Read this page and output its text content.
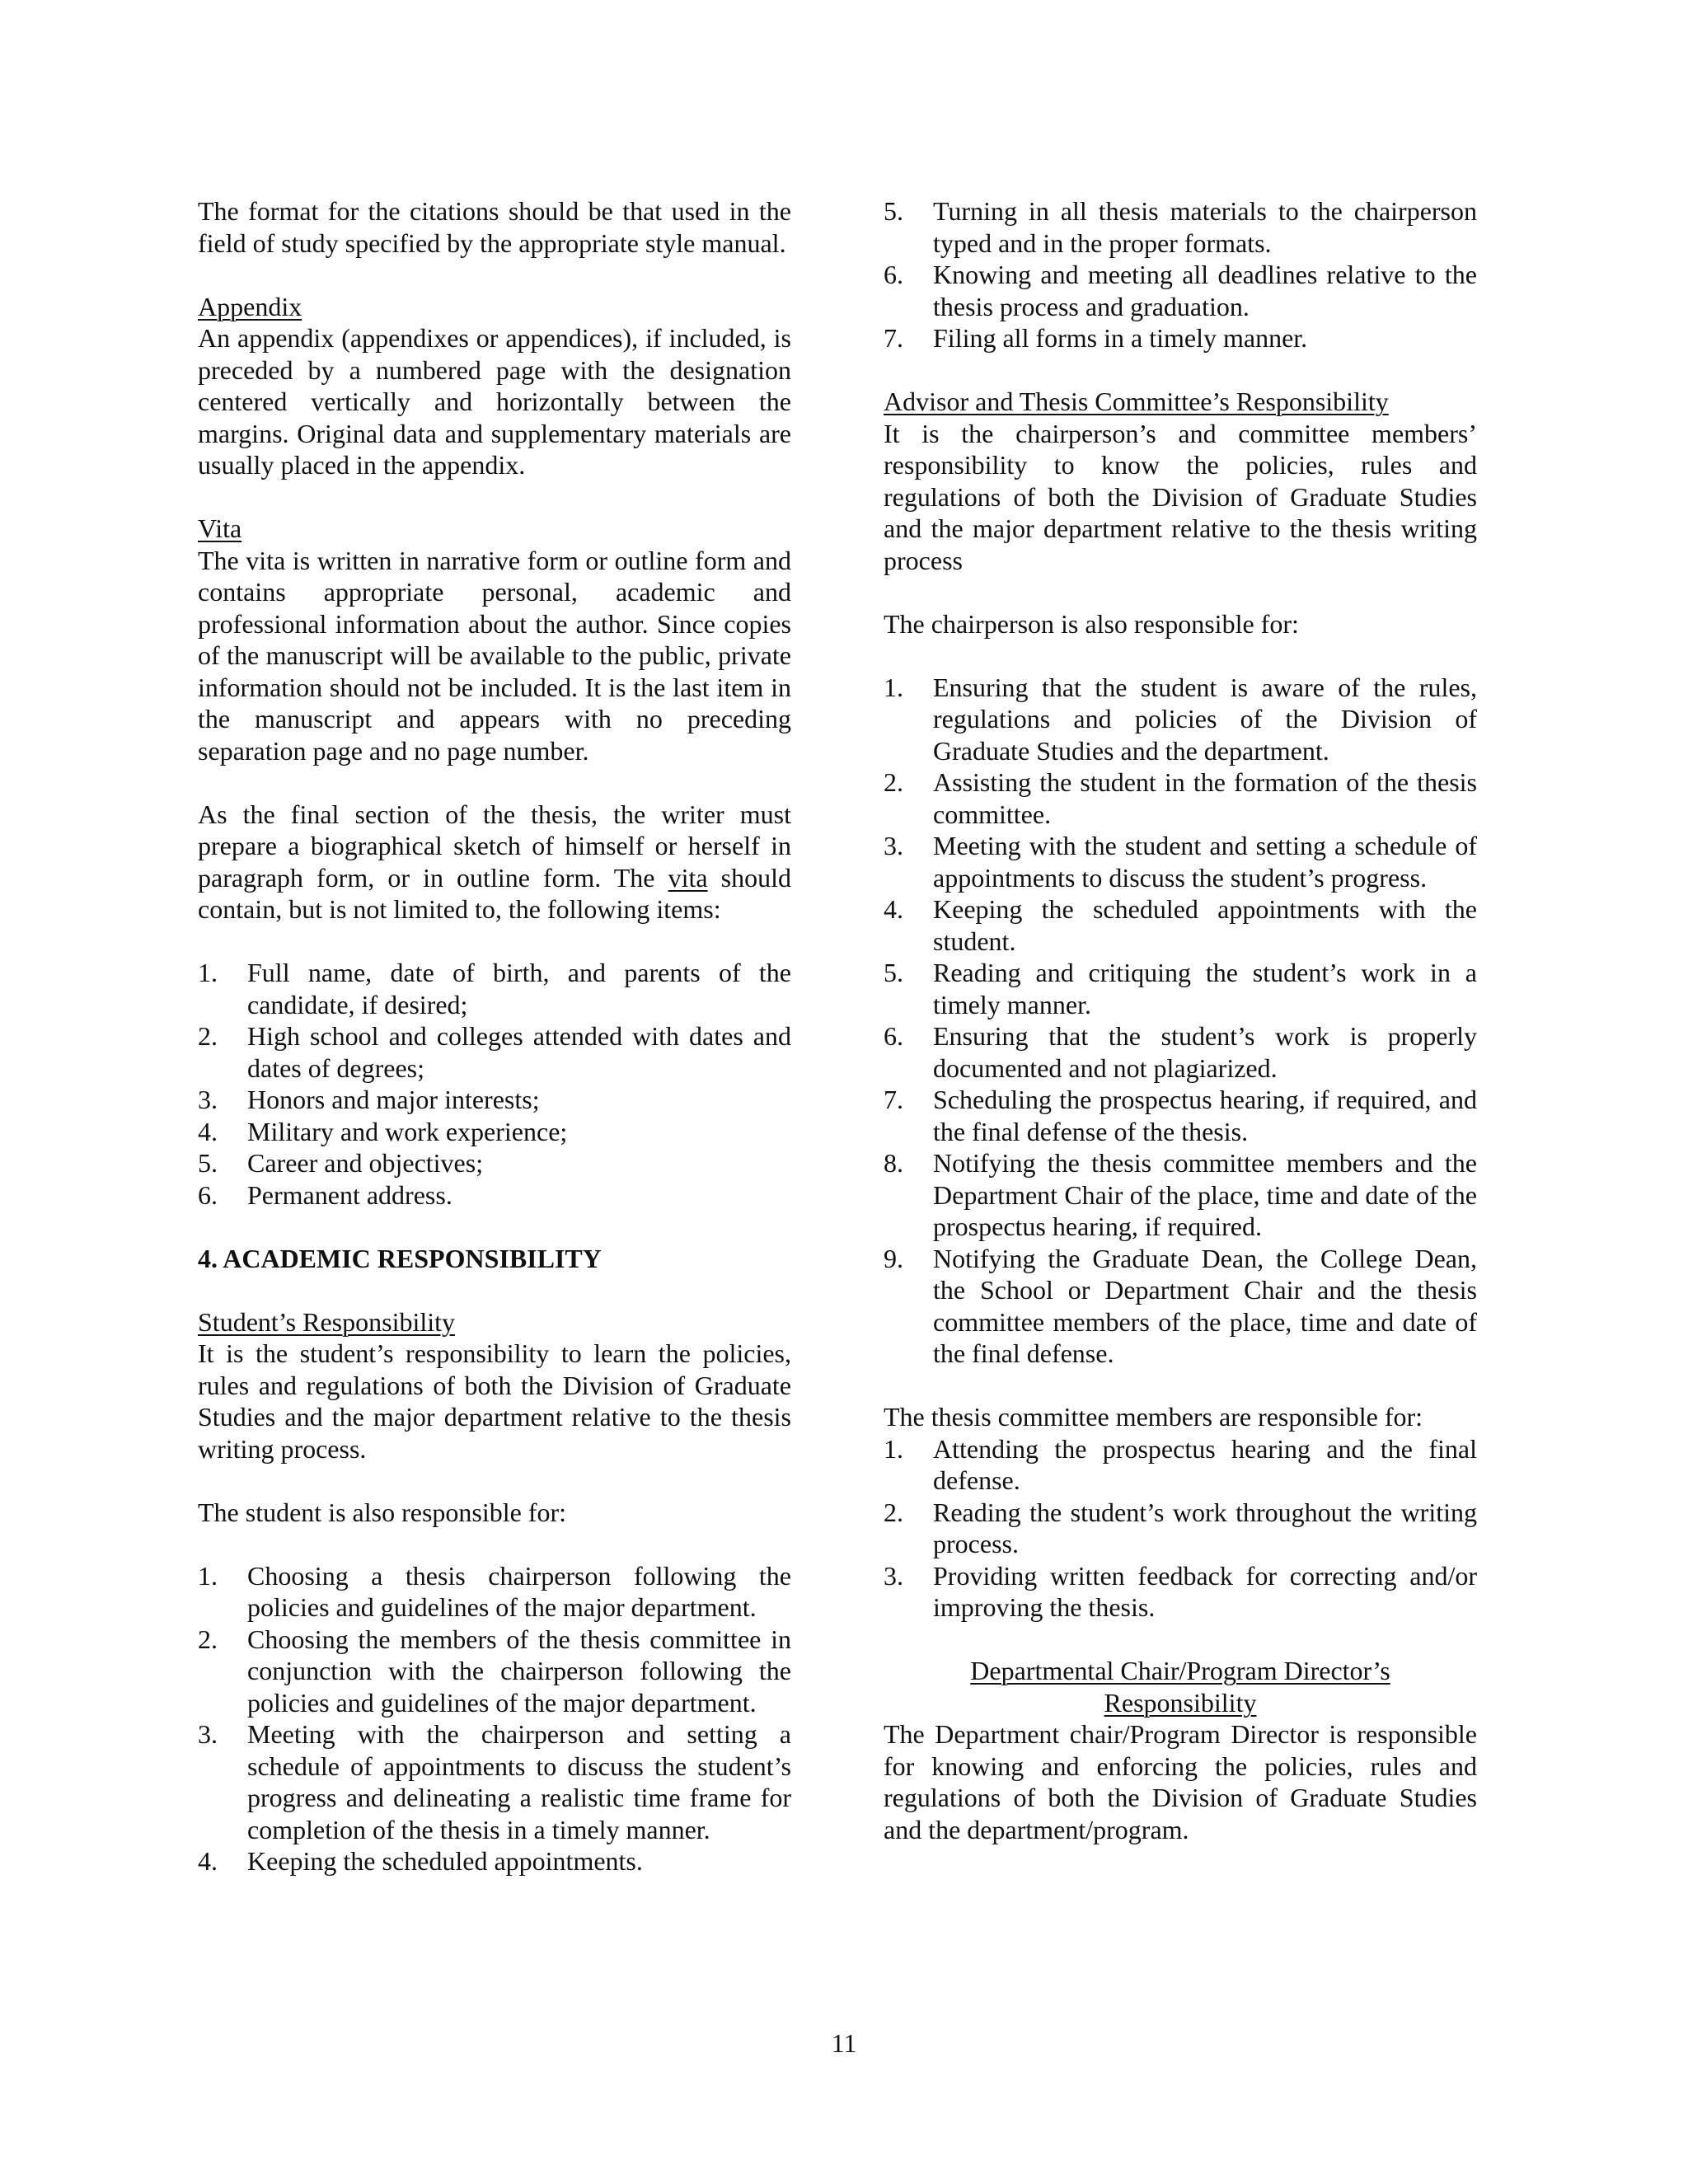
The format for the citations should be that used in the field of study specified by the appropriate style manual.

Appendix

An appendix (appendixes or appendices), if included, is preceded by a numbered page with the designation centered vertically and horizontally between the margins. Original data and supplementary materials are usually placed in the appendix.

Vita

The vita is written in narrative form or outline form and contains appropriate personal, academic and professional information about the author. Since copies of the manuscript will be available to the public, private information should not be included. It is the last item in the manuscript and appears with no preceding separation page and no page number.

As the final section of the thesis, the writer must prepare a biographical sketch of himself or herself in paragraph form, or in outline form. The vita should contain, but is not limited to, the following items:

1. Full name, date of birth, and parents of the candidate, if desired;
2. High school and colleges attended with dates and dates of degrees;
3. Honors and major interests;
4. Military and work experience;
5. Career and objectives;
6. Permanent address.

4. ACADEMIC RESPONSIBILITY

Student’s Responsibility

It is the student’s responsibility to learn the policies, rules and regulations of both the Division of Graduate Studies and the major department relative to the thesis writing process.

The student is also responsible for:

1. Choosing a thesis chairperson following the policies and guidelines of the major department.
2. Choosing the members of the thesis committee in conjunction with the chairperson following the policies and guidelines of the major department.
3. Meeting with the chairperson and setting a schedule of appointments to discuss the student’s progress and delineating a realistic time frame for completion of the thesis in a timely manner.
4. Keeping the scheduled appointments.
5. Turning in all thesis materials to the chairperson typed and in the proper formats.
6. Knowing and meeting all deadlines relative to the thesis process and graduation.
7. Filing all forms in a timely manner.
Advisor and Thesis Committee’s Responsibility

It is the chairperson’s and committee members’ responsibility to know the policies, rules and regulations of both the Division of Graduate Studies and the major department relative to the thesis writing process

The chairperson is also responsible for:

1. Ensuring that the student is aware of the rules, regulations and policies of the Division of Graduate Studies and the department.
2. Assisting the student in the formation of the thesis committee.
3. Meeting with the student and setting a schedule of appointments to discuss the student’s progress.
4. Keeping the scheduled appointments with the student.
5. Reading and critiquing the student’s work in a timely manner.
6. Ensuring that the student’s work is properly documented and not plagiarized.
7. Scheduling the prospectus hearing, if required, and the final defense of the thesis.
8. Notifying the thesis committee members and the Department Chair of the place, time and date of the prospectus hearing, if required.
9. Notifying the Graduate Dean, the College Dean, the School or Department Chair and the thesis committee members of the place, time and date of the final defense.

The thesis committee members are responsible for:

1. Attending the prospectus hearing and the final defense.
2. Reading the student’s work throughout the writing process.
3. Providing written feedback for correcting and/or improving the thesis.
Departmental Chair/Program Director’s
Responsibility

The Department chair/Program Director is responsible for knowing and enforcing the policies, rules and regulations of both the Division of Graduate Studies and the department/program.

11
